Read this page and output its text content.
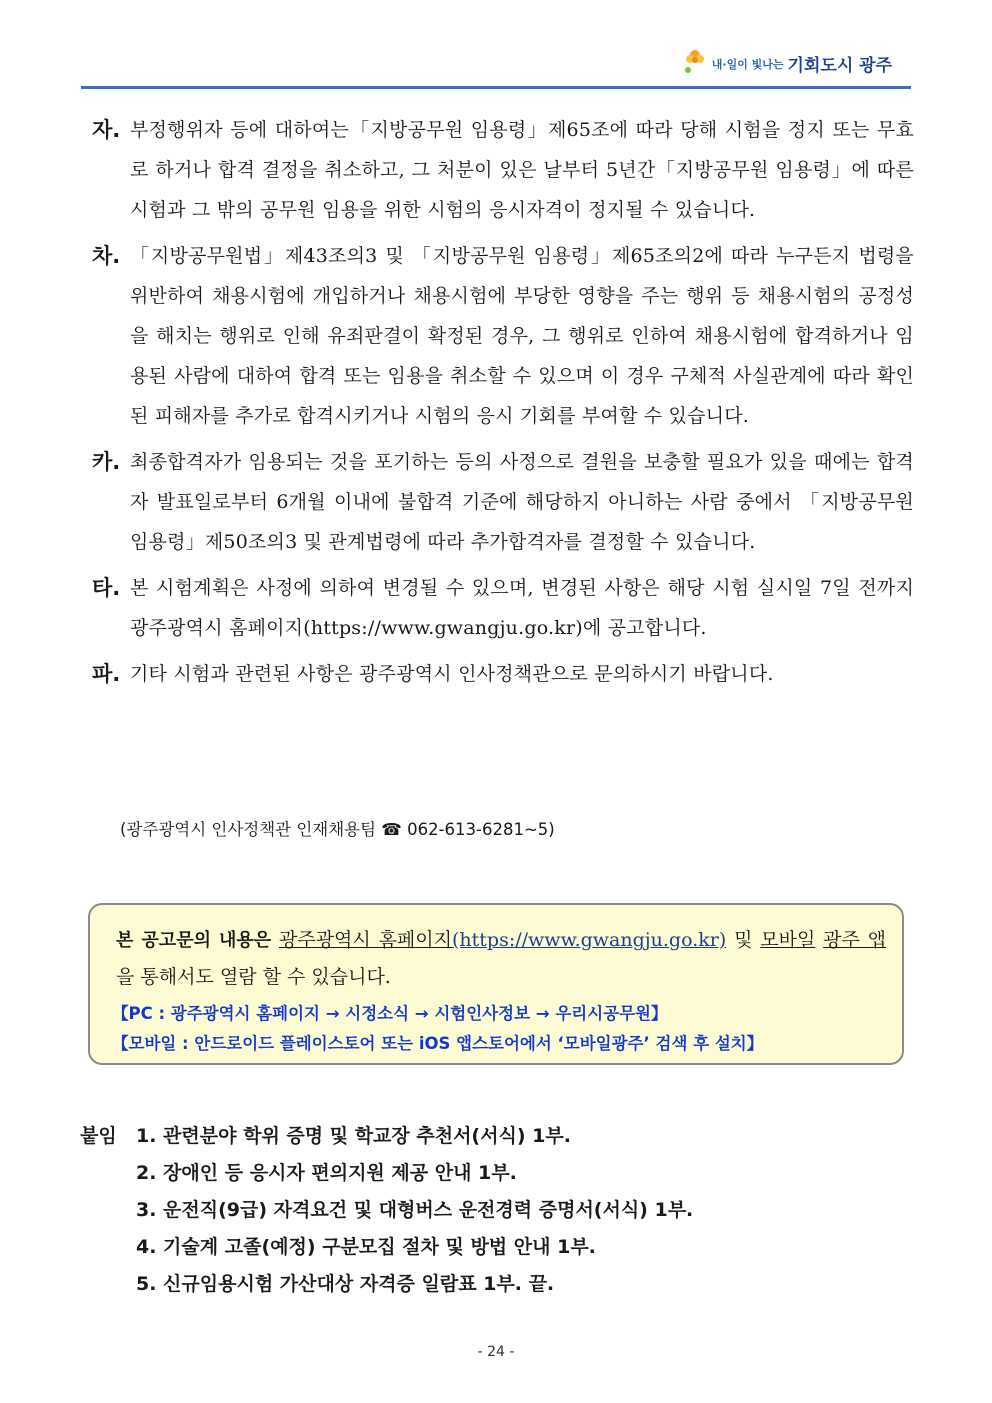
내·일이 빛나는 기회도시 광주
자. 부정행위자 등에 대하여는「지방공무원 임용령」제65조에 따라 당해 시험을 정지 또는 무효로 하거나 합격 결정을 취소하고, 그 처분이 있은 날부터 5년간「지방공무원 임용령」에 따른 시험과 그 밖의 공무원 임용을 위한 시험의 응시자격이 정지될 수 있습니다.
차. 「지방공무원법」제43조의3 및 「지방공무원 임용령」제65조의2에 따라 누구든지 법령을 위반하여 채용시험에 개입하거나 채용시험에 부당한 영향을 주는 행위 등 채용시험의 공정성을 해치는 행위로 인해 유죄판결이 확정된 경우, 그 행위로 인하여 채용시험에 합격하거나 임용된 사람에 대하여 합격 또는 임용을 취소할 수 있으며 이 경우 구체적 사실관계에 따라 확인된 피해자를 추가로 합격시키거나 시험의 응시 기회를 부여할 수 있습니다.
카. 최종합격자가 임용되는 것을 포기하는 등의 사정으로 결원을 보충할 필요가 있을 때에는 합격자 발표일로부터 6개월 이내에 불합격 기준에 해당하지 아니하는 사람 중에서 「지방공무원 임용령」제50조의3 및 관계법령에 따라 추가합격자를 결정할 수 있습니다.
타. 본 시험계획은 사정에 의하여 변경될 수 있으며, 변경된 사항은 해당 시험 실시일 7일 전까지 광주광역시 홈페이지(https://www.gwangju.go.kr)에 공고합니다.
파. 기타 시험과 관련된 사항은 광주광역시 인사정책관으로 문의하시기 바랍니다.
(광주광역시 인사정책관 인재채용팀 ☎ 062-613-6281~5)
본 공고문의 내용은 광주광역시 홈페이지(https://www.gwangju.go.kr) 및 모바일 광주 앱을 통해서도 열람 할 수 있습니다.
【PC : 광주광역시 홈페이지 → 시정소식 → 시험인사정보 → 우리시공무원】
【모바일 : 안드로이드 플레이스토어 또는 iOS 앱스토어에서 ‘모바일광주’ 검색 후 설치】
붙임	1. 관련분야 학위 증명 및 학교장 추천서(서식) 1부.
2. 장애인 등 응시자 편의지원 제공 안내 1부.
3. 운전직(9급) 자격요건 및 대형버스 운전경력 증명서(서식) 1부.
4. 기술계 고졸(예정) 구분모집 절차 및 방법 안내 1부.
5. 신규임용시험 가산대상 자격증 일람표 1부. 끝.
- 24 -
